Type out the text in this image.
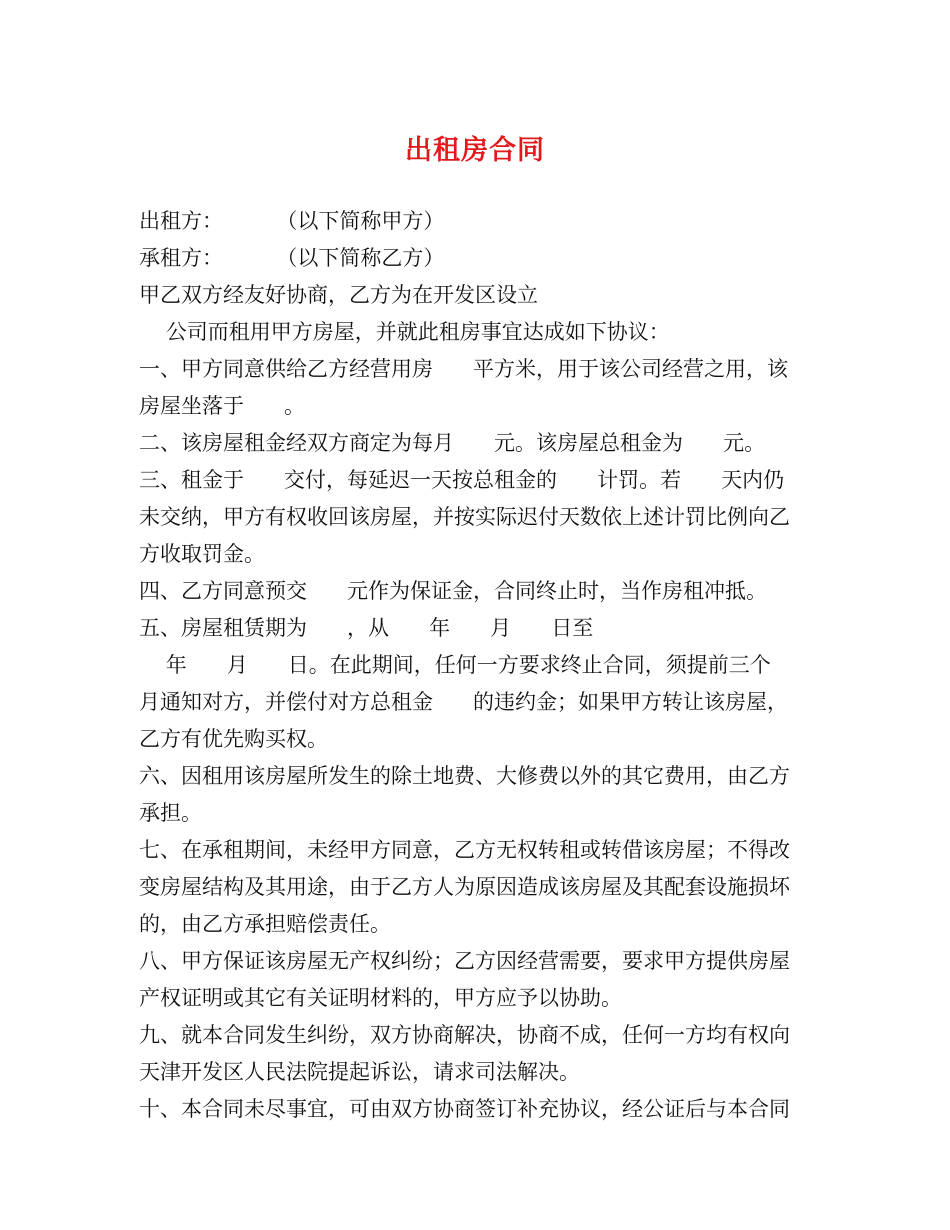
出租房合同
出租方：        （以下简称甲方）
承租方：        （以下简称乙方）
甲乙双方经友好协商，乙方为在开发区设立
公司而租用甲方房屋，并就此租房事宜达成如下协议：
一、甲方同意供给乙方经营用房      平方米，用于该公司经营之用，该
房屋坐落于      。
二、该房屋租金经双方商定为每月      元。该房屋总租金为      元。
三、租金于      交付，每延迟一天按总租金的      计罚。若      天内仍
未交纳，甲方有权收回该房屋，并按实际迟付天数依上述计罚比例向乙
方收取罚金。
四、乙方同意预交      元作为保证金，合同终止时，当作房租冲抵。
五、房屋租赁期为      ，从      年      月      日至
年      月      日。在此期间，任何一方要求终止合同，须提前三个
月通知对方，并偿付对方总租金      的违约金；如果甲方转让该房屋，
乙方有优先购买权。
六、因租用该房屋所发生的除土地费、大修费以外的其它费用，由乙方
承担。
七、在承租期间，未经甲方同意，乙方无权转租或转借该房屋；不得改
变房屋结构及其用途，由于乙方人为原因造成该房屋及其配套设施损坏
的，由乙方承担赔偿责任。
八、甲方保证该房屋无产权纠纷；乙方因经营需要，要求甲方提供房屋
产权证明或其它有关证明材料的，甲方应予以协助。
九、就本合同发生纠纷，双方协商解决，协商不成，任何一方均有权向
天津开发区人民法院提起诉讼，请求司法解决。
十、本合同未尽事宜，可由双方协商签订补充协议，经公证后与本合同
